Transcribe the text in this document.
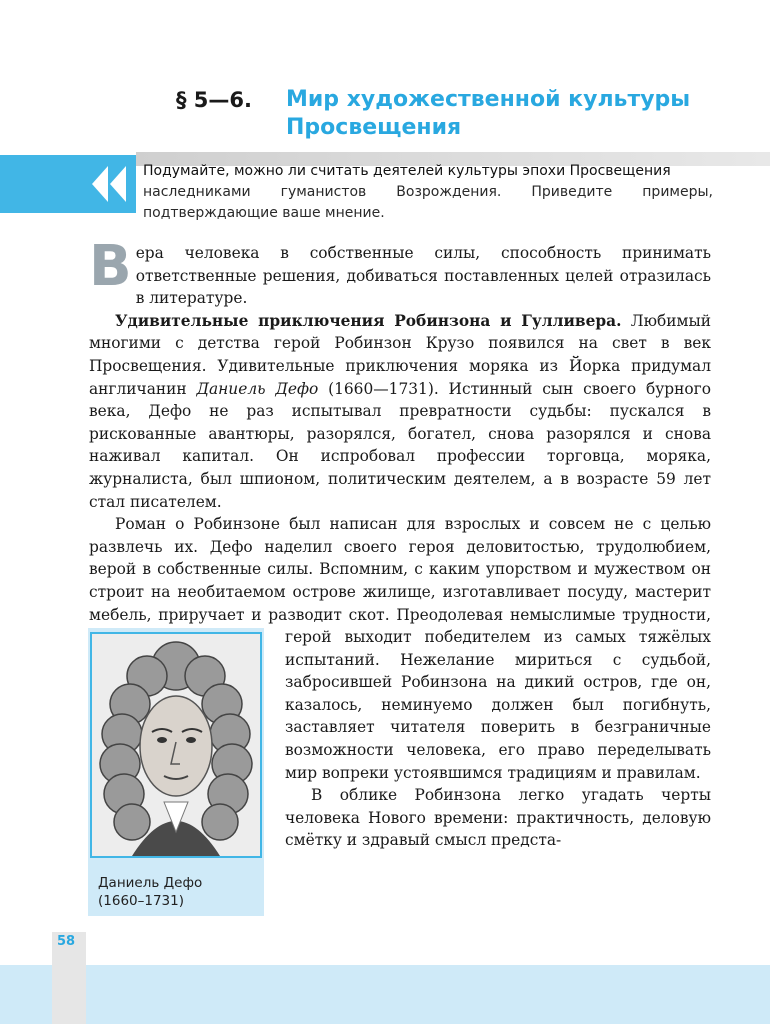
§ 5—6. Мир художественной культуры
Просвещения
Подумайте, можно ли считать деятелей культуры эпохи Просвещения
наследниками гуманистов Возрождения. Приведите примеры, подтверждающие ваше мнение.

Вера человека в собственные силы, способность принимать ответственные решения, добиваться поставленных целей отразилась в литературе.

Удивительные приключения Робинзона и Гулливера. Любимый многими с детства герой Робинзон Крузо появился на свет в век Просвещения. Удивительные приключения моряка из Йорка придумал англичанин Даниель Дефо (1660—1731). Истинный сын своего бурного века, Дефо не раз испытывал превратности судьбы: пускался в рискованные авантюры, разорялся, богател, снова разорялся и снова наживал капитал. Он испробовал профессии торговца, моряка, журналиста, был шпионом, политическим деятелем, а в возрасте 59 лет стал писателем.

Роман о Робинзоне был написан для взрослых и совсем не с целью развлечь их. Дефо наделил своего героя деловитостью, трудолюбием, верой в собственные силы. Вспомним, с каким упорством и мужеством он строит на необитаемом острове жилище, изготавливает посуду, мастерит мебель, приручает и разводит скот. Преодолевая немыслимые трудности, герой выходит победителем из самых тяжёлых испытаний. Нежелание мириться с судьбой, забросившей Робинзона на дикий остров, где он, казалось, неминуемо должен был погибнуть, заставляет читателя поверить в безграничные возможности человека, его право переделывать мир вопреки устоявшимся традициям и правилам.

В облике Робинзона легко угадать черты человека Нового времени: практичность, деловую смётку и здравый смысл предста-

Даниель Дефо
(1660–1731)
58
